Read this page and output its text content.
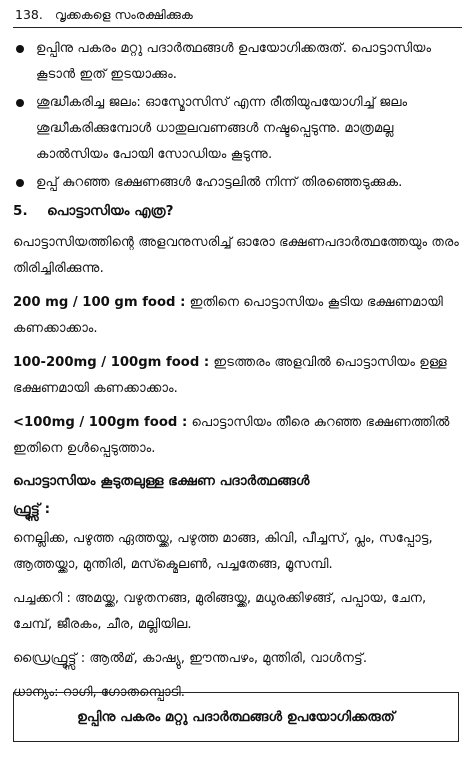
138. വൃക്കകളെ സംരക്ഷിക്കുക
ഉപ്പിനു പകരം മറ്റു പദാർത്ഥങ്ങൾ ഉപയോഗിക്കരുത്. പൊട്ടാസിയം കൂടാൻ ഇത് ഇടയാക്കും.
ശുദ്ധീകരിച്ച ജലം: ഓസ്മോസിസ് എന്ന രീതിയുപയോഗിച്ച് ജലം ശുദ്ധീകരിക്കുമ്പോൾ ധാതുലവണങ്ങൾ നഷ്ടപ്പെടുന്നു. മാത്രമല്ല കാൽസിയം പോയി സോഡിയം കൂടുന്നു.
ഉപ്പ് കുറഞ്ഞ ഭക്ഷണങ്ങൾ ഹോട്ടലിൽ നിന്ന് തിരഞ്ഞെടുക്കുക.
5. പൊട്ടാസിയം എത്ര?

പൊട്ടാസിയത്തിന്റെ അളവനുസരിച്ച് ഓരോ ഭക്ഷണപദാർത്ഥത്തേയും തരം തിരിച്ചിരിക്കുന്നു.

200 mg / 100 gm food : ഇതിനെ പൊട്ടാസിയം കൂടിയ ഭക്ഷണമായി കണക്കാക്കാം.

100-200mg / 100gm food : ഇടത്തരം അളവിൽ പൊട്ടാസിയം ഉള്ള ഭക്ഷണമായി കണക്കാക്കാം.

<100mg / 100gm food : പൊട്ടാസിയം തീരെ കുറഞ്ഞ ഭക്ഷണത്തിൽ ഇതിനെ ഉൾപ്പെടുത്താം.

പൊട്ടാസിയം കൂടുതലുള്ള ഭക്ഷണ പദാർത്ഥങ്ങൾ
ഫ്രൂട്ട്സ് :

നെല്ലിക്ക, പഴുത്ത ഏത്തയ്ക്ക, പഴുത്ത മാങ്ങ, കിവി, പീച്ചസ്, പ്ലം, സപ്പോട്ട, ആത്തയ്ക്കാ, മുന്തിരി, മസ്ക്മെലൺ, പച്ചതേങ്ങ, മൂസമ്പി.

പച്ചക്കറി : അമയ്ക്ക, വഴുതനങ്ങ, മുരിങ്ങയ്ക്ക, മധുരക്കിഴങ്ങ്, പപ്പായ, ചേന, ചേമ്പ്, ജീരകം, ചീര, മല്ലിയില.

ഡ്രൈഫ്രൂട്ട്സ് : ആൽമ്, കാഷ്യു, ഈന്തപഴം, മുന്തിരി, വാൾനട്ട്.

ധാന്യം: റാഗി, ഗോതമ്പ്പൊടി.

ഉപ്പിനു പകരം മറ്റു പദാർത്ഥങ്ങൾ ഉപയോഗിക്കരുത്
